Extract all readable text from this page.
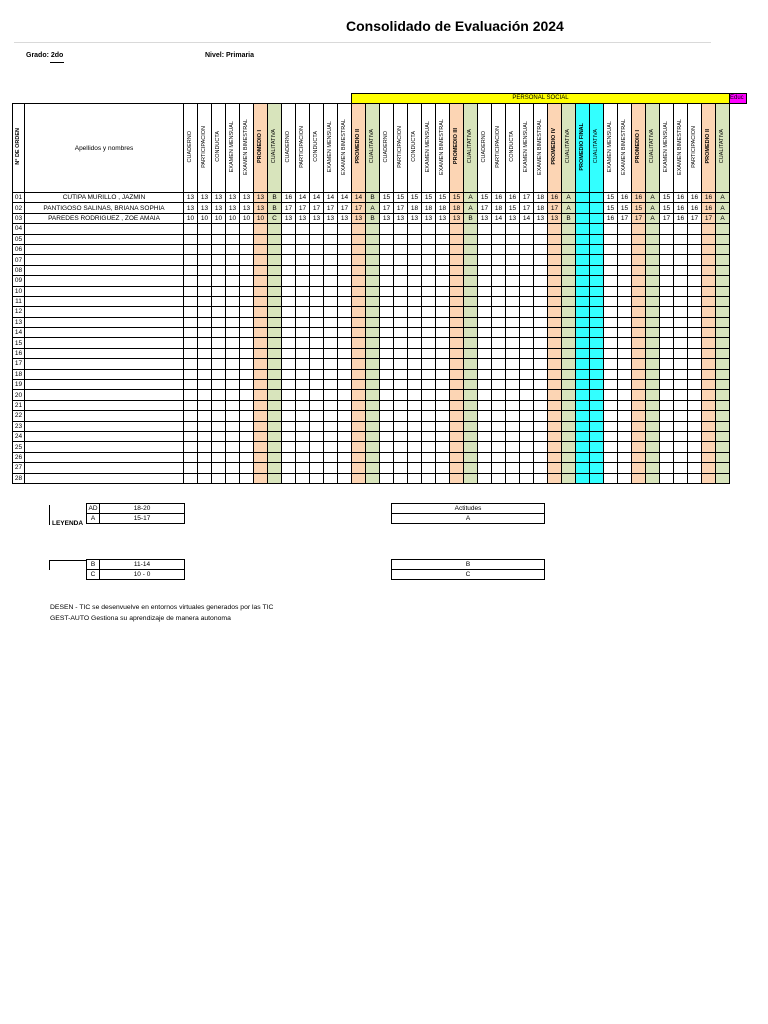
Consolidado de Evaluación 2024
Grado: 2do	Nivel: Primaria
														PERSONAL SOCIAL																											Educ
N° DE ORDEN	Apellidos y nombres	CUADERNO	PARTICIPACION	CONDUCTA	EXAMEN MENSUAL	EXAMEN BIMESTRAL	PROMEDIO I	CUALITATIVA	CUADERNO	PARTICIPACION	CONDUCTA	EXAMEN MENSUAL	EXAMEN BIMESTRAL	PROMEDIO II	CUALITATIVA	CUADERNO	PARTICIPACION	CONDUCTA	EXAMEN MENSUAL	EXAMEN BIMESTRAL	PROMEDIO III	CUALITATIVA	CUADERNO	PARTICIPACION	CONDUCTA	EXAMEN MENSUAL	EXAMEN BIMESTRAL	PROMEDIO IV	CUALITATIVA	PROMEDIO FINAL	CUALITATIVA	EXAMEN MENSUAL	EXAMEN BIMESTRAL	PROMEDIO I	CUALITATIVA	EXAMEN MENSUAL	EXAMEN BIMESTRAL	PARTICIPACION	PROMEDIO II	CUALITATIVA	
01	CUTIPA MURILLO , JAZMIN	13	13	13	13	13	13	B	16	14	14	14	14	14	B	15	15	15	15	15	15	A	15	16	16	17	18	16	A			15	16	16	A	15	16	16	16	A	
02	PANTIGOSO SALINAS, BRIANA SOPHIA	13	13	13	13	13	13	B	17	17	17	17	17	17	A	17	17	18	18	18	18	A	17	18	15	17	18	17	A			15	15	15	A	15	16	16	16	A	
03	PAREDES RODRIGUEZ , ZOE AMAIA	10	10	10	10	10	10	C	13	13	13	13	13	13	B	13	13	13	13	13	13	B	13	14	13	14	13	13	B			16	17	17	A	17	16	17	17	A	
04																																									
05																																									
06																																									
07																																									
08																																									
09																																									
10																																									
11																																									
12																																									
13																																									
14																																									
15																																									
16																																									
17																																									
18																																									
19																																									
20																																									
21																																									
22																																									
23																																									
24																																									
25																																									
26																																									
27																																									
28																																									
AD	18-20
A	15-17
LEYENDA
B	11-14
C	10 - 0
Actitudes
A
B
C
DESEN - TIC se desenvuelve en entornos virtuales generados por las TIC
GEST-AUTO Gestiona su aprendizaje de manera autonoma
